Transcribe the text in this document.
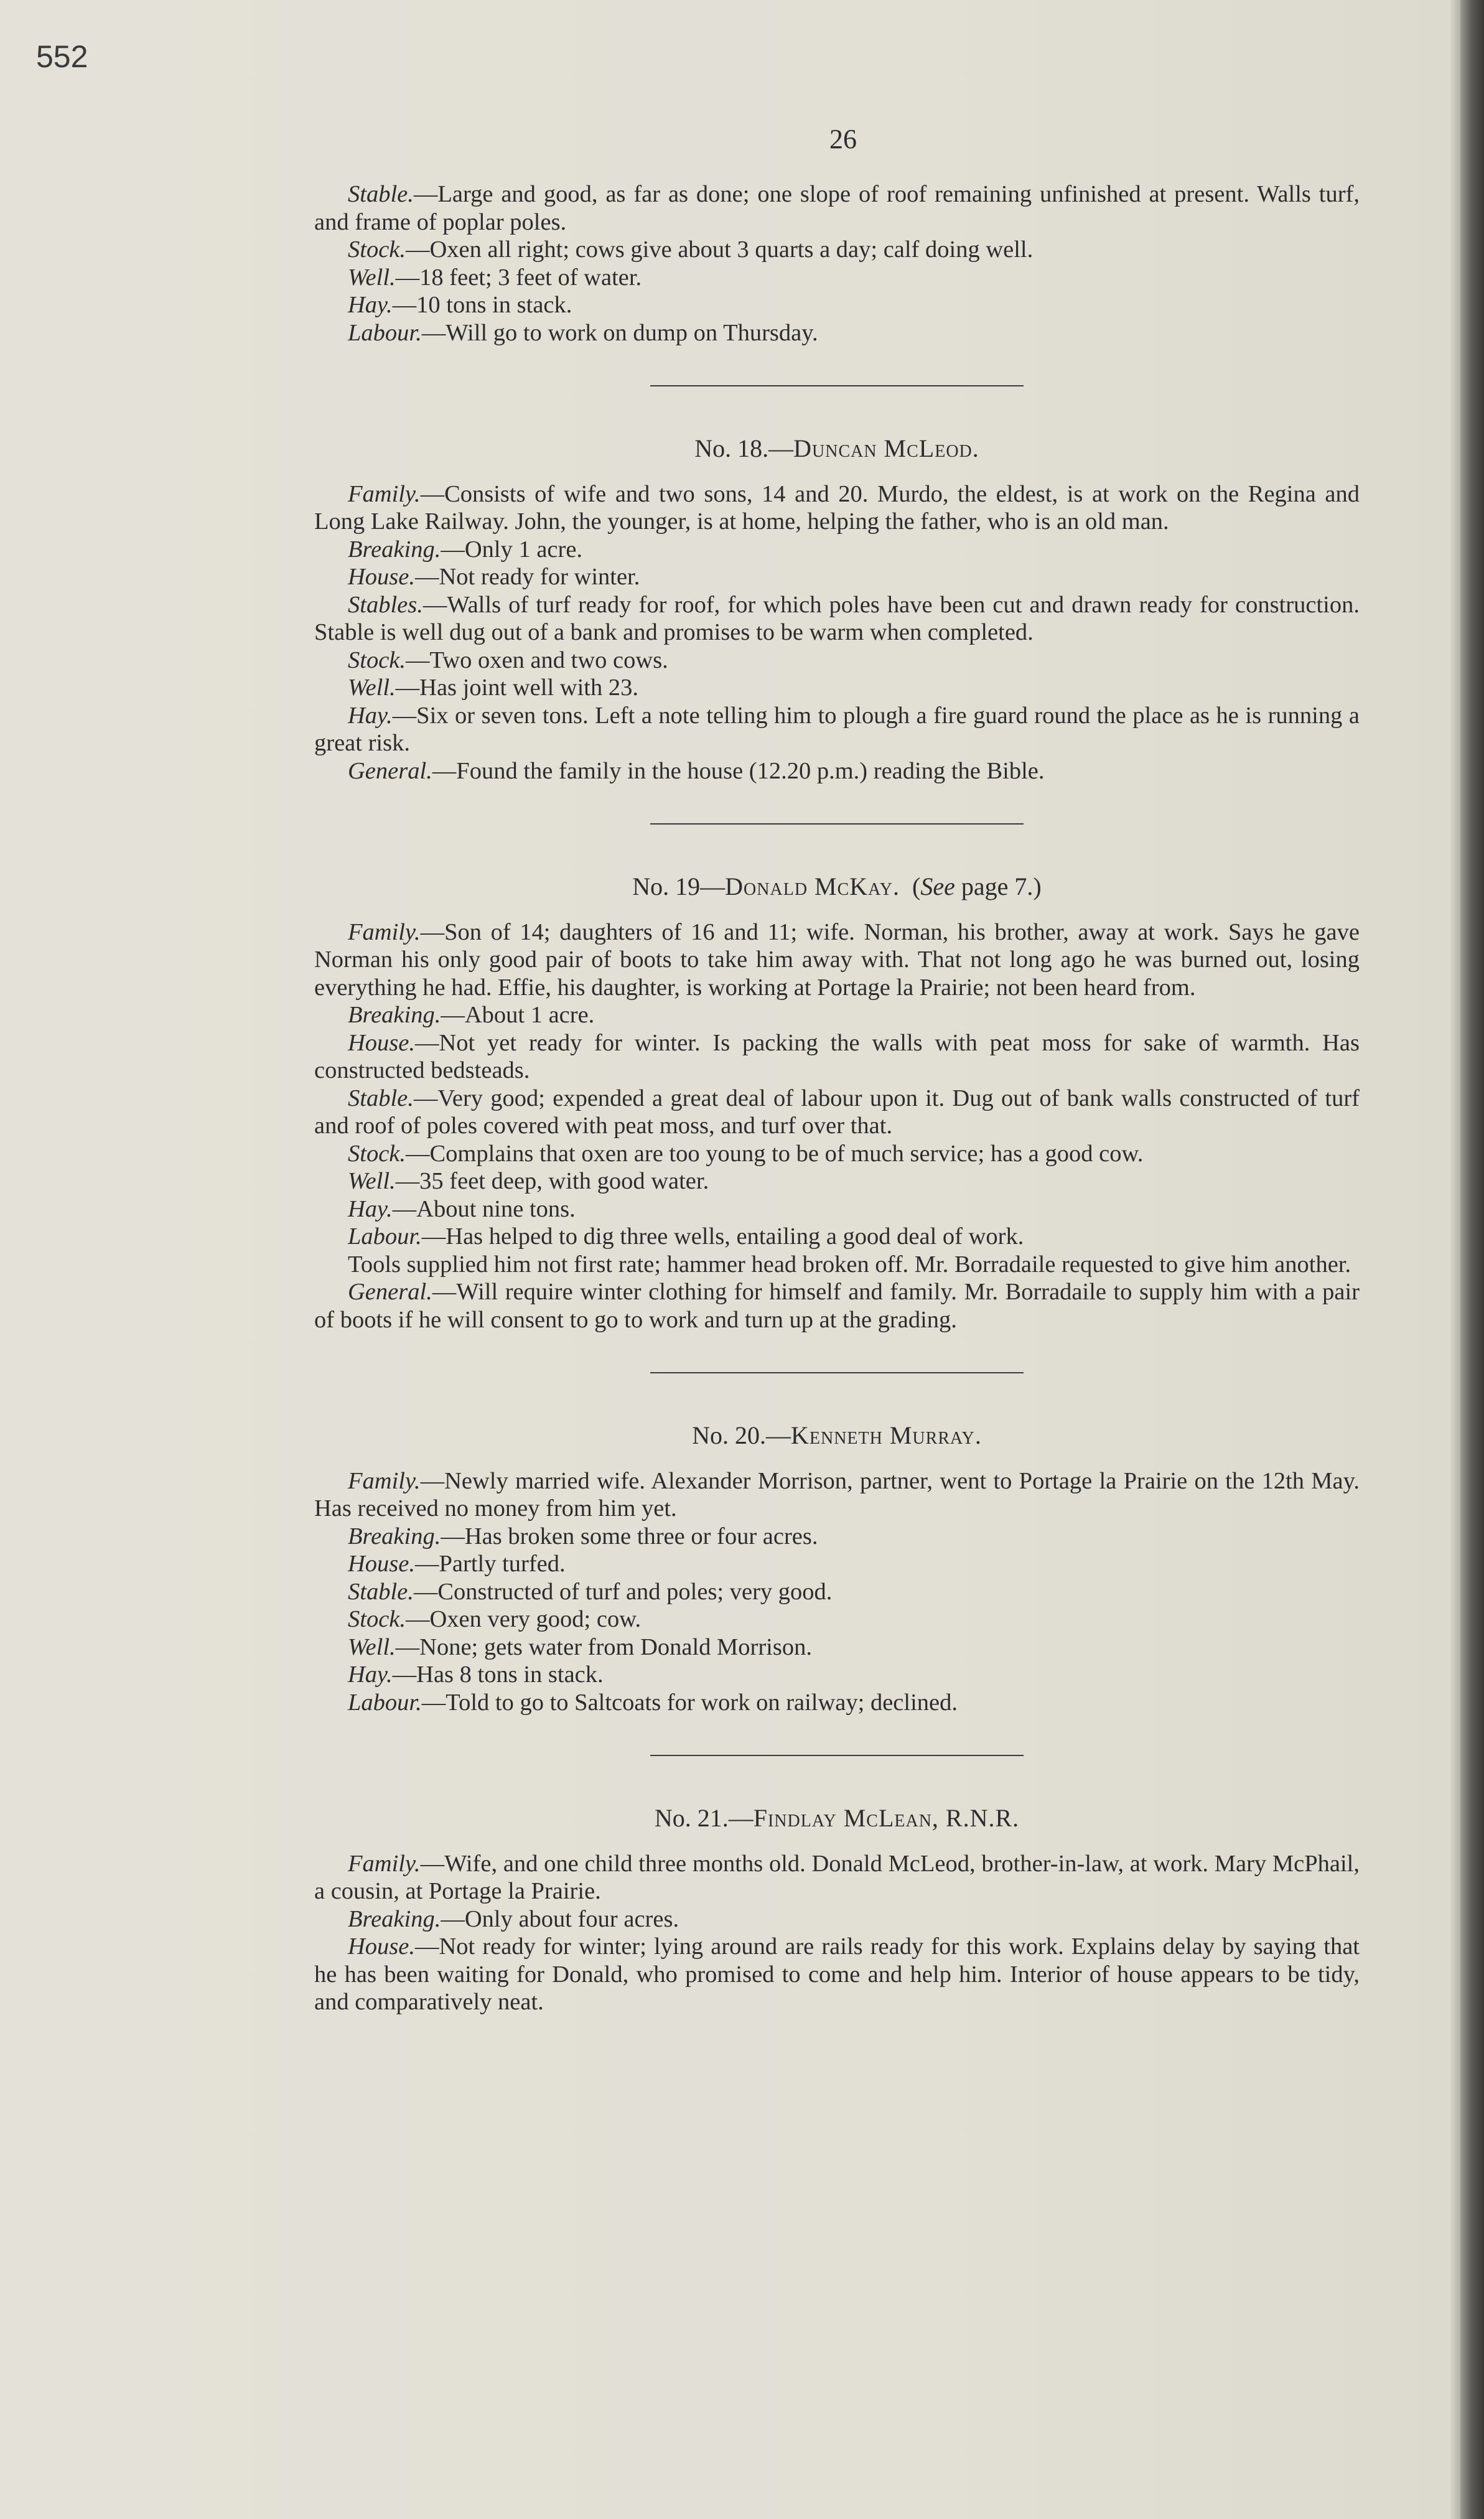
552
26

Stable.—Large and good, as far as done; one slope of roof remaining unfinished at present. Walls turf, and frame of poplar poles.

Stock.—Oxen all right; cows give about 3 quarts a day; calf doing well.

Well.—18 feet; 3 feet of water.

Hay.—10 tons in stack.

Labour.—Will go to work on dump on Thursday.

No. 18.—Duncan McLeod.

Family.—Consists of wife and two sons, 14 and 20. Murdo, the eldest, is at work on the Regina and Long Lake Railway. John, the younger, is at home, helping the father, who is an old man.

Breaking.—Only 1 acre.

House.—Not ready for winter.

Stables.—Walls of turf ready for roof, for which poles have been cut and drawn ready for construction. Stable is well dug out of a bank and promises to be warm when completed.

Stock.—Two oxen and two cows.

Well.—Has joint well with 23.

Hay.—Six or seven tons. Left a note telling him to plough a fire guard round the place as he is running a great risk.

General.—Found the family in the house (12.20 p.m.) reading the Bible.

No. 19—Donald McKay.  (See page 7.)

Family.—Son of 14; daughters of 16 and 11; wife. Norman, his brother, away at work. Says he gave Norman his only good pair of boots to take him away with. That not long ago he was burned out, losing everything he had. Effie, his daughter, is working at Portage la Prairie; not been heard from.

Breaking.—About 1 acre.

House.—Not yet ready for winter. Is packing the walls with peat moss for sake of warmth. Has constructed bedsteads.

Stable.—Very good; expended a great deal of labour upon it. Dug out of bank walls constructed of turf and roof of poles covered with peat moss, and turf over that.

Stock.—Complains that oxen are too young to be of much service; has a good cow.

Well.—35 feet deep, with good water.

Hay.—About nine tons.

Labour.—Has helped to dig three wells, entailing a good deal of work.

Tools supplied him not first rate; hammer head broken off. Mr. Borradaile requested to give him another.

General.—Will require winter clothing for himself and family. Mr. Borradaile to supply him with a pair of boots if he will consent to go to work and turn up at the grading.

No. 20.—Kenneth Murray.

Family.—Newly married wife. Alexander Morrison, partner, went to Portage la Prairie on the 12th May. Has received no money from him yet.

Breaking.—Has broken some three or four acres.

House.—Partly turfed.

Stable.—Constructed of turf and poles; very good.

Stock.—Oxen very good; cow.

Well.—None; gets water from Donald Morrison.

Hay.—Has 8 tons in stack.

Labour.—Told to go to Saltcoats for work on railway; declined.

No. 21.—Findlay McLean, R.N.R.

Family.—Wife, and one child three months old. Donald McLeod, brother-in-law, at work. Mary McPhail, a cousin, at Portage la Prairie.

Breaking.—Only about four acres.

House.—Not ready for winter; lying around are rails ready for this work. Explains delay by saying that he has been waiting for Donald, who promised to come and help him. Interior of house appears to be tidy, and comparatively neat.
